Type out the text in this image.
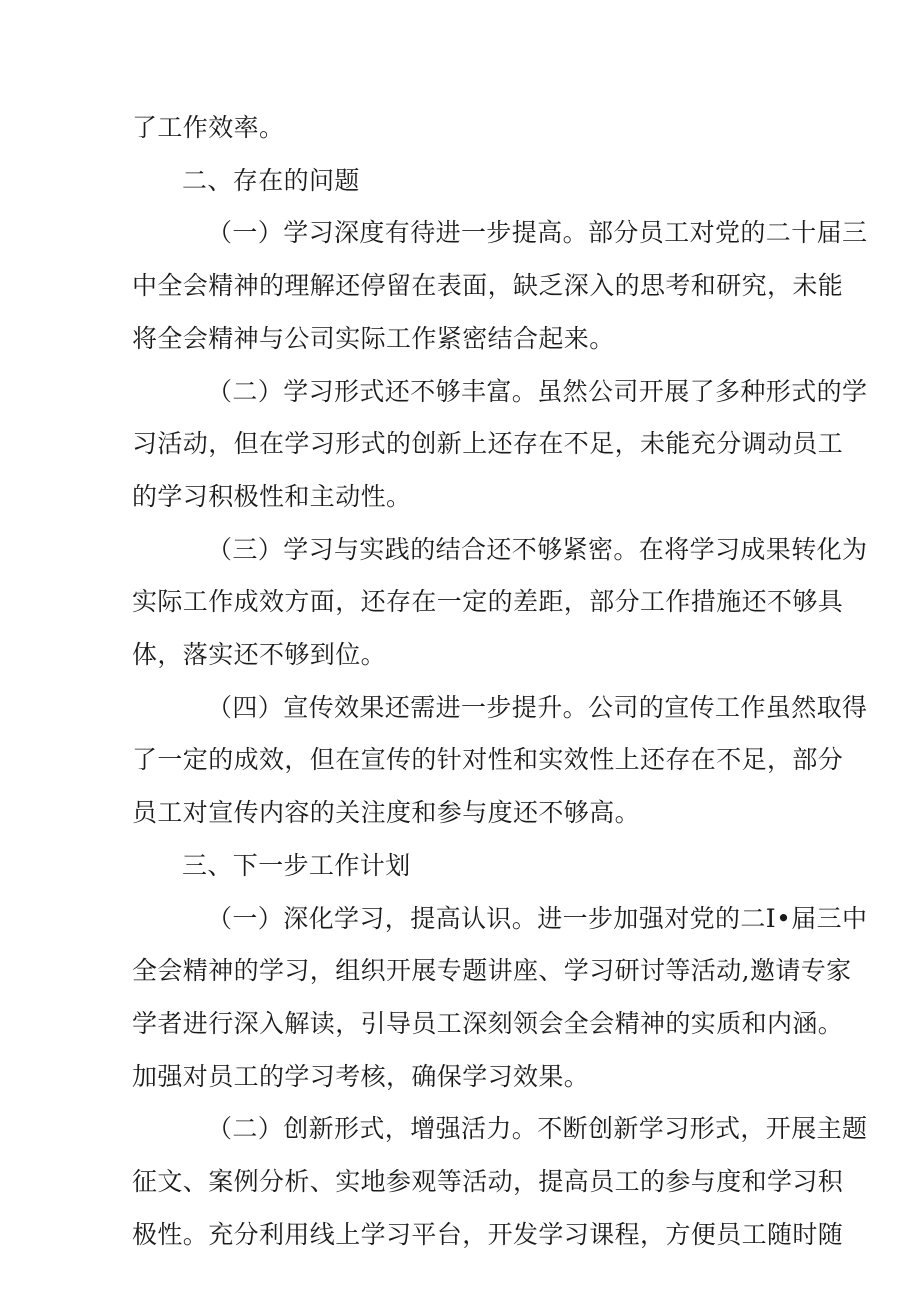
了工作效率。

二、存在的问题

（一）学习深度有待进一步提高。部分员工对党的二十届三
中全会精神的理解还停留在表面，缺乏深入的思考和研究，未能
将全会精神与公司实际工作紧密结合起来。

（二）学习形式还不够丰富。虽然公司开展了多种形式的学
习活动，但在学习形式的创新上还存在不足，未能充分调动员工
的学习积极性和主动性。

（三）学习与实践的结合还不够紧密。在将学习成果转化为
实际工作成效方面，还存在一定的差距，部分工作措施还不够具
体，落实还不够到位。

（四）宣传效果还需进一步提升。公司的宣传工作虽然取得
了一定的成效，但在宣传的针对性和实效性上还存在不足，部分
员工对宣传内容的关注度和参与度还不够高。

三、下一步工作计划

（一）深化学习，提高认识。进一步加强对党的二I•届三中
全会精神的学习，组织开展专题讲座、学习研讨等活动,邀请专家
学者进行深入解读，引导员工深刻领会全会精神的实质和内涵。
加强对员工的学习考核，确保学习效果。

（二）创新形式，增强活力。不断创新学习形式，开展主题
征文、案例分析、实地参观等活动，提高员工的参与度和学习积
极性。充分利用线上学习平台，开发学习课程，方便员工随时随
